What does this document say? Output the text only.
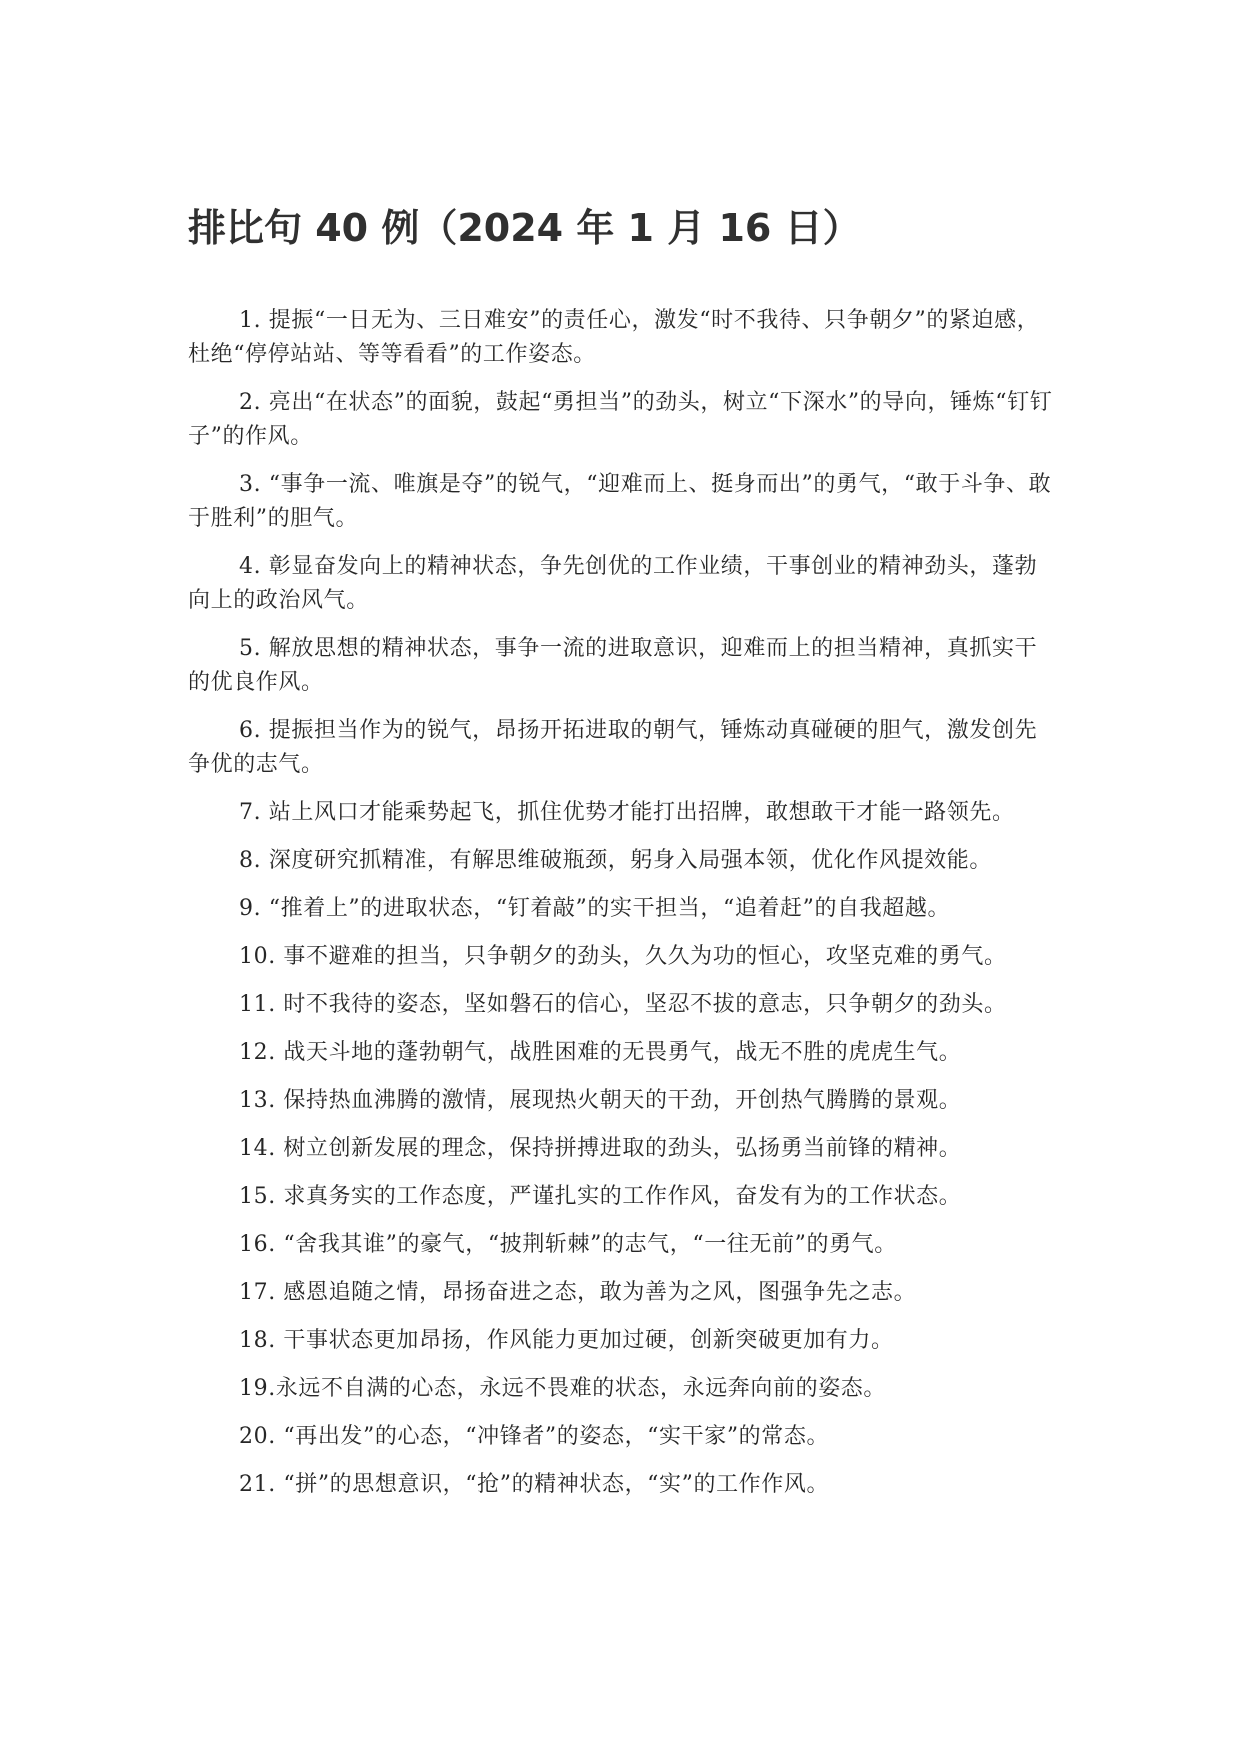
排比句 40 例（2024 年 1 月 16 日）

1. 提振“一日无为、三日难安”的责任心，激发“时不我待、只争朝夕”的紧迫感，杜绝“停停站站、等等看看”的工作姿态。

2. 亮出“在状态”的面貌，鼓起“勇担当”的劲头，树立“下深水”的导向，锤炼“钉钉子”的作风。

3. “事争一流、唯旗是夺”的锐气，“迎难而上、挺身而出”的勇气，“敢于斗争、敢于胜利”的胆气。

4. 彰显奋发向上的精神状态，争先创优的工作业绩，干事创业的精神劲头，蓬勃向上的政治风气。

5. 解放思想的精神状态，事争一流的进取意识，迎难而上的担当精神，真抓实干的优良作风。

6. 提振担当作为的锐气，昂扬开拓进取的朝气，锤炼动真碰硬的胆气，激发创先争优的志气。

7. 站上风口才能乘势起飞，抓住优势才能打出招牌，敢想敢干才能一路领先。

8. 深度研究抓精准，有解思维破瓶颈，躬身入局强本领，优化作风提效能。

9. “推着上”的进取状态，“钉着敲”的实干担当，“追着赶”的自我超越。

10. 事不避难的担当，只争朝夕的劲头，久久为功的恒心，攻坚克难的勇气。

11. 时不我待的姿态，坚如磐石的信心，坚忍不拔的意志，只争朝夕的劲头。

12. 战天斗地的蓬勃朝气，战胜困难的无畏勇气，战无不胜的虎虎生气。

13. 保持热血沸腾的激情，展现热火朝天的干劲，开创热气腾腾的景观。

14. 树立创新发展的理念，保持拼搏进取的劲头，弘扬勇当前锋的精神。

15. 求真务实的工作态度，严谨扎实的工作作风，奋发有为的工作状态。

16. “舍我其谁”的豪气，“披荆斩棘”的志气，“一往无前”的勇气。

17. 感恩追随之情，昂扬奋进之态，敢为善为之风，图强争先之志。

18. 干事状态更加昂扬，作风能力更加过硬，创新突破更加有力。

19.永远不自满的心态，永远不畏难的状态，永远奔向前的姿态。

20. “再出发”的心态，“冲锋者”的姿态，“实干家”的常态。

21. “拼”的思想意识，“抢”的精神状态，“实”的工作作风。
